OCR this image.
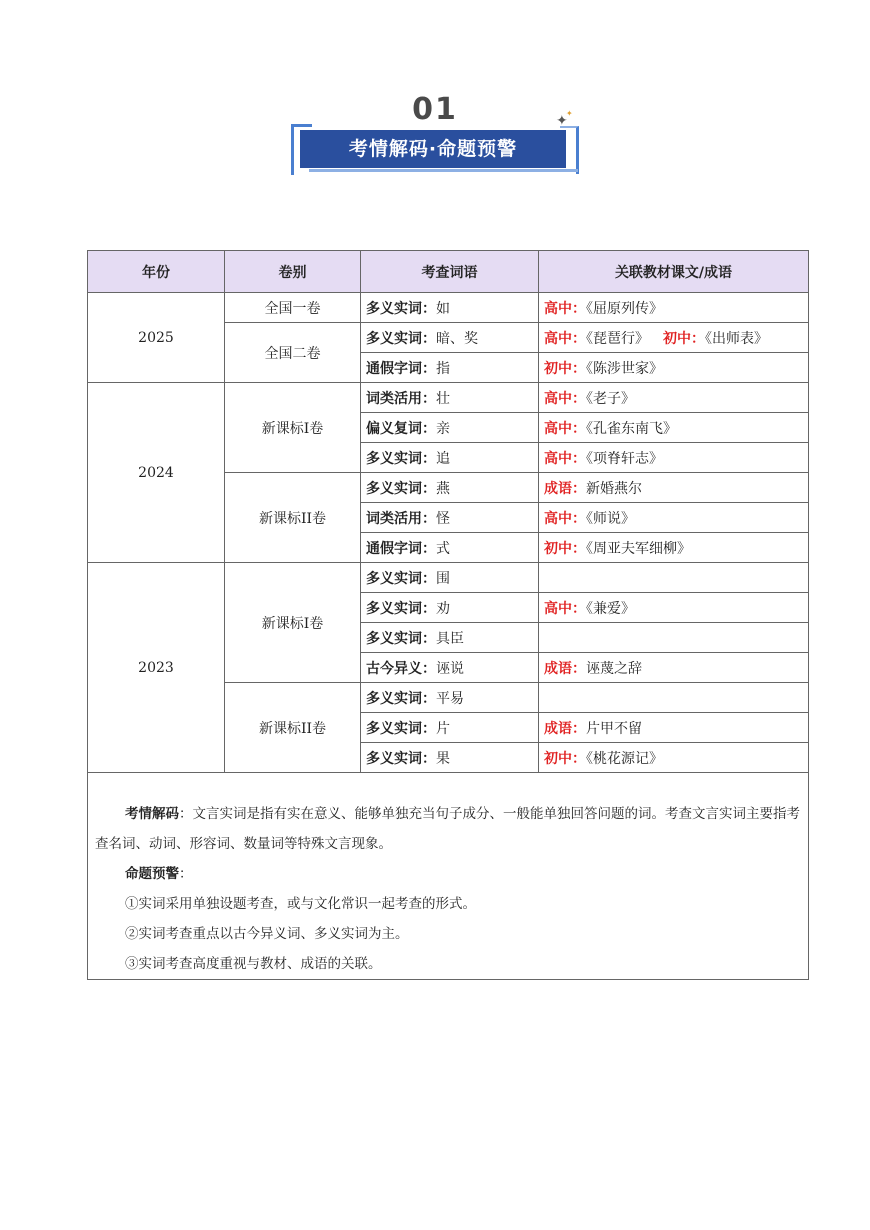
01
考情解码·命题预警
✦
✦
年份	卷别	考查词语	关联教材课文/成语
2025	全国一卷	多义实词：如	高中：《屈原列传》
	全国二卷	多义实词：暗、奖	高中：《琵琶行》  初中：《出师表》
		通假字词：指	初中：《陈涉世家》
2024	新课标I卷	词类活用：壮	高中：《老子》
		偏义复词：亲	高中：《孔雀东南飞》
		多义实词：追	高中：《项脊轩志》
	新课标II卷	多义实词：燕	成语：新婚燕尔
		词类活用：怪	高中：《师说》
		通假字词：式	初中：《周亚夫军细柳》
2023	新课标I卷	多义实词：围	
		多义实词：劝	高中：《兼爱》
		多义实词：具臣	
		古今异义：诬说	成语：诬蔑之辞
	新课标II卷	多义实词：平易	
		多义实词：片	成语：片甲不留
		多义实词：果	初中：《桃花源记》

考情解码：文言实词是指有实在意义、能够单独充当句子成分、一般能单独回答问题的词。考查文言实词主要指考查名词、动词、形容词、数量词等特殊文言现象。

命题预警：

①实词采用单独设题考查，或与文化常识一起考查的形式。

②实词考查重点以古今异义词、多义实词为主。

③实词考查高度重视与教材、成语的关联。			
